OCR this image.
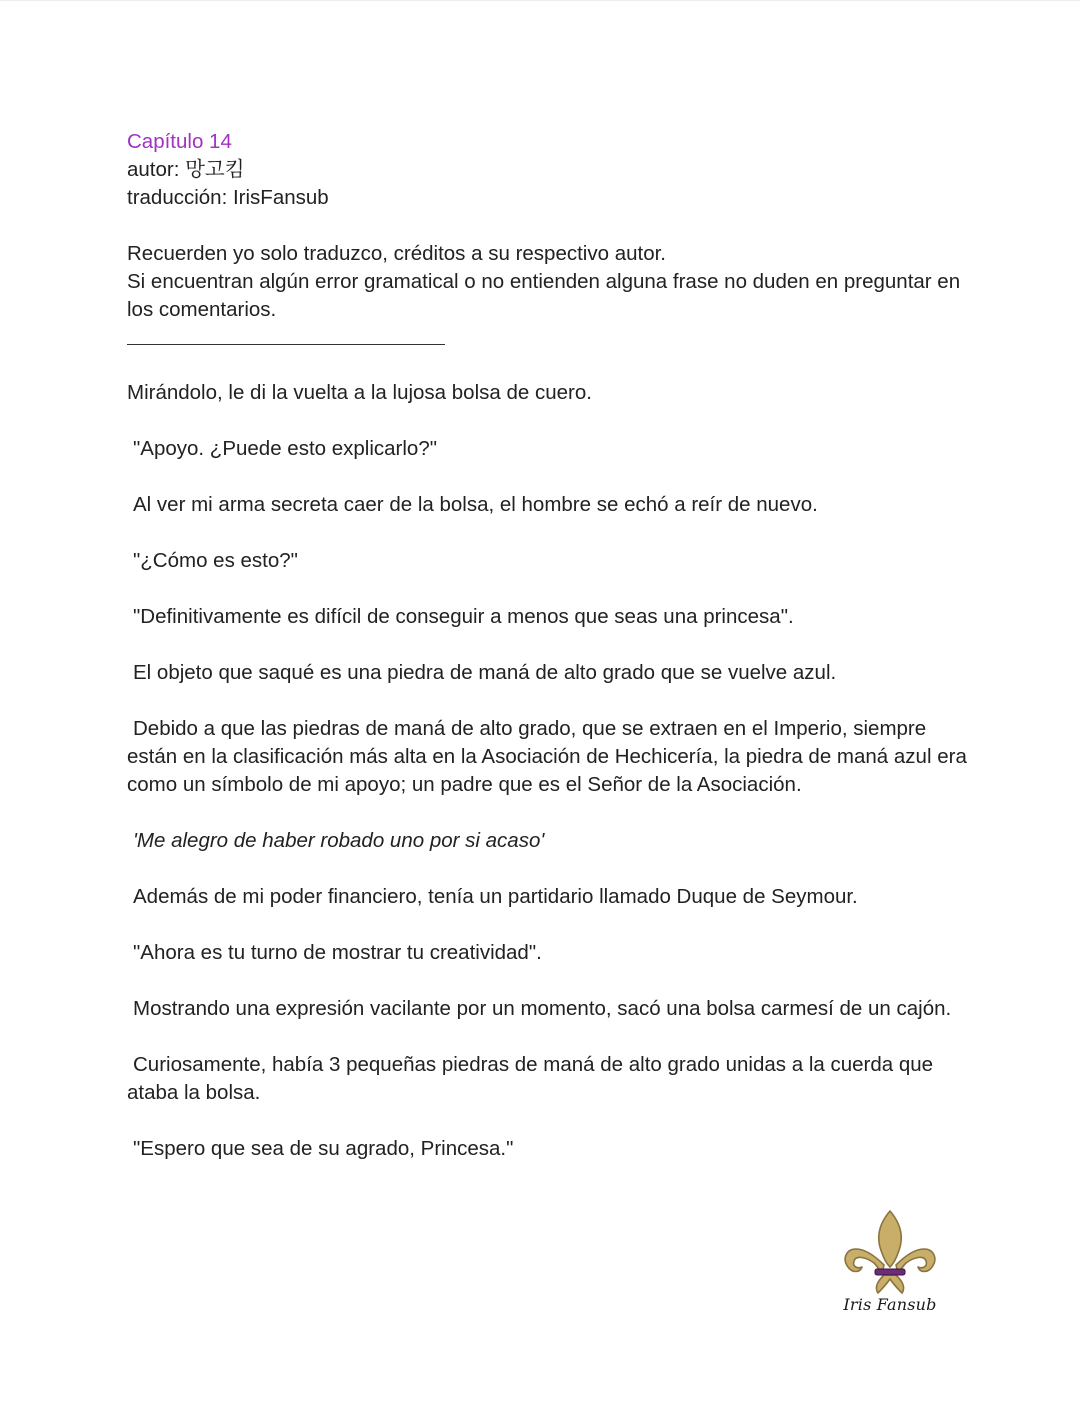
Capítulo 14
autor: 망고킴
traducción: IrisFansub
Recuerden yo solo traduzco, créditos a su respectivo autor.
Si encuentran algún error gramatical o no entienden alguna frase no duden en preguntar en los comentarios.

Mirándolo, le di la vuelta a la lujosa bolsa de cuero.

"Apoyo. ¿Puede esto explicarlo?"

Al ver mi arma secreta caer de la bolsa, el hombre se echó a reír de nuevo.

"¿Cómo es esto?"

"Definitivamente es difícil de conseguir a menos que seas una princesa".

El objeto que saqué es una piedra de maná de alto grado que se vuelve azul.

Debido a que las piedras de maná de alto grado, que se extraen en el Imperio, siempre están en la clasificación más alta en la Asociación de Hechicería, la piedra de maná azul era como un símbolo de mi apoyo; un padre que es el Señor de la Asociación.

'Me alegro de haber robado uno por si acaso'

Además de mi poder financiero, tenía un partidario llamado Duque de Seymour.

"Ahora es tu turno de mostrar tu creatividad".

Mostrando una expresión vacilante por un momento, sacó una bolsa carmesí de un cajón.

Curiosamente, había 3 pequeñas piedras de maná de alto grado unidas a la cuerda que ataba la bolsa.

"Espero que sea de su agrado, Princesa."

Iris Fansub
